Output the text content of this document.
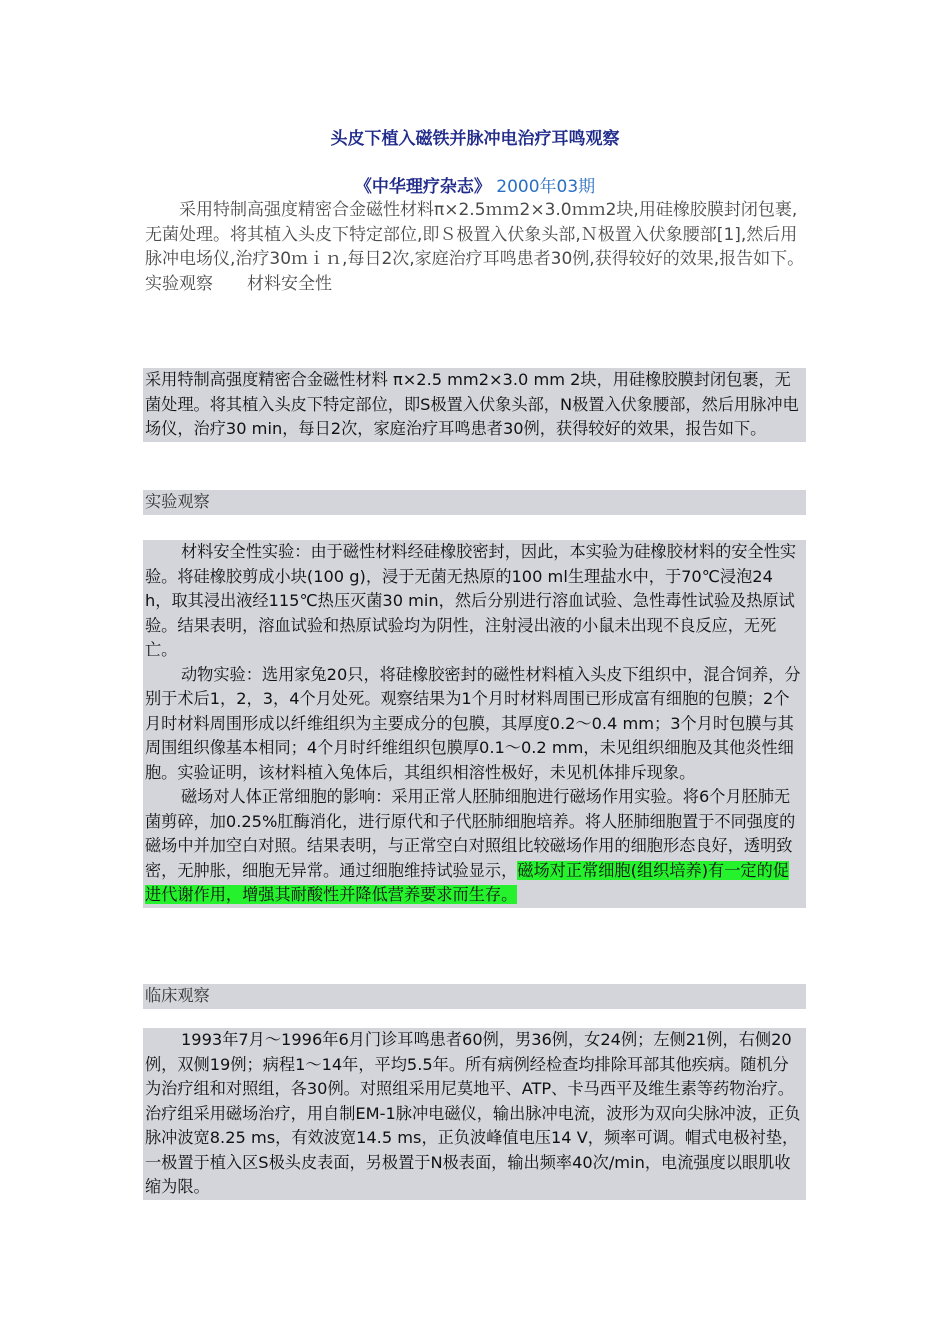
头皮下植入磁铁并脉冲电治疗耳鸣观察
《中华理疗杂志》 2000年03期
采用特制高强度精密合金磁性材料π×2.5ｍｍ2×3.0ｍｍ2块,用硅橡胶膜封闭包裹,无菌处理。将其植入头皮下特定部位,即Ｓ极置入伏象头部,Ｎ极置入伏象腰部[1],然后用脉冲电场仪,治疗30ｍｉｎ,每日2次,家庭治疗耳鸣患者30例,获得较好的效果,报告如下。实验观察　　材料安全性

采用特制高强度精密合金磁性材料 π×2.5 mm2×3.0 mm 2块，用硅橡胶膜封闭包裹，无菌处理。将其植入头皮下特定部位，即S极置入伏象头部，N极置入伏象腰部，然后用脉冲电场仪，治疗30 min，每日2次，家庭治疗耳鸣患者30例，获得较好的效果，报告如下。

实验观察

材料安全性实验：由于磁性材料经硅橡胶密封，因此，本实验为硅橡胶材料的安全性实验。将硅橡胶剪成小块(100 g)，浸于无菌无热原的100 ml生理盐水中，于70℃浸泡24 h，取其浸出液经115℃热压灭菌30 min，然后分别进行溶血试验、急性毒性试验及热原试验。结果表明，溶血试验和热原试验均为阴性，注射浸出液的小鼠未出现不良反应，无死亡。

动物实验：选用家兔20只，将硅橡胶密封的磁性材料植入头皮下组织中，混合饲养，分别于术后1，2，3，4个月处死。观察结果为1个月时材料周围已形成富有细胞的包膜；2个月时材料周围形成以纤维组织为主要成分的包膜，其厚度0.2～0.4 mm；3个月时包膜与其周围组织像基本相同；4个月时纤维组织包膜厚0.1～0.2 mm，未见组织细胞及其他炎性细胞。实验证明，该材料植入兔体后，其组织相溶性极好，未见机体排斥现象。

磁场对人体正常细胞的影响：采用正常人胚肺细胞进行磁场作用实验。将6个月胚肺无菌剪碎，加0.25%肛酶消化，进行原代和子代胚肺细胞培养。将人胚肺细胞置于不同强度的磁场中并加空白对照。结果表明，与正常空白对照组比较磁场作用的细胞形态良好，透明致密，无肿胀，细胞无异常。通过细胞维持试验显示，磁场对正常细胞(组织培养)有一定的促进代谢作用，增强其耐酸性并降低营养要求而生存。

临床观察

1993年7月～1996年6月门诊耳鸣患者60例，男36例，女24例；左侧21例，右侧20例，双侧19例；病程1～14年，平均5.5年。所有病例经检查均排除耳部其他疾病。随机分为治疗组和对照组，各30例。对照组采用尼莫地平、ATP、卡马西平及维生素等药物治疗。治疗组采用磁场治疗，用自制EM-1脉冲电磁仪，输出脉冲电流，波形为双向尖脉冲波，正负脉冲波宽8.25 ms，有效波宽14.5 ms，正负波峰值电压14 V，频率可调。帽式电极衬垫，一极置于植入区S极头皮表面，另极置于N极表面，输出频率40次/min，电流强度以眼肌收缩为限。
